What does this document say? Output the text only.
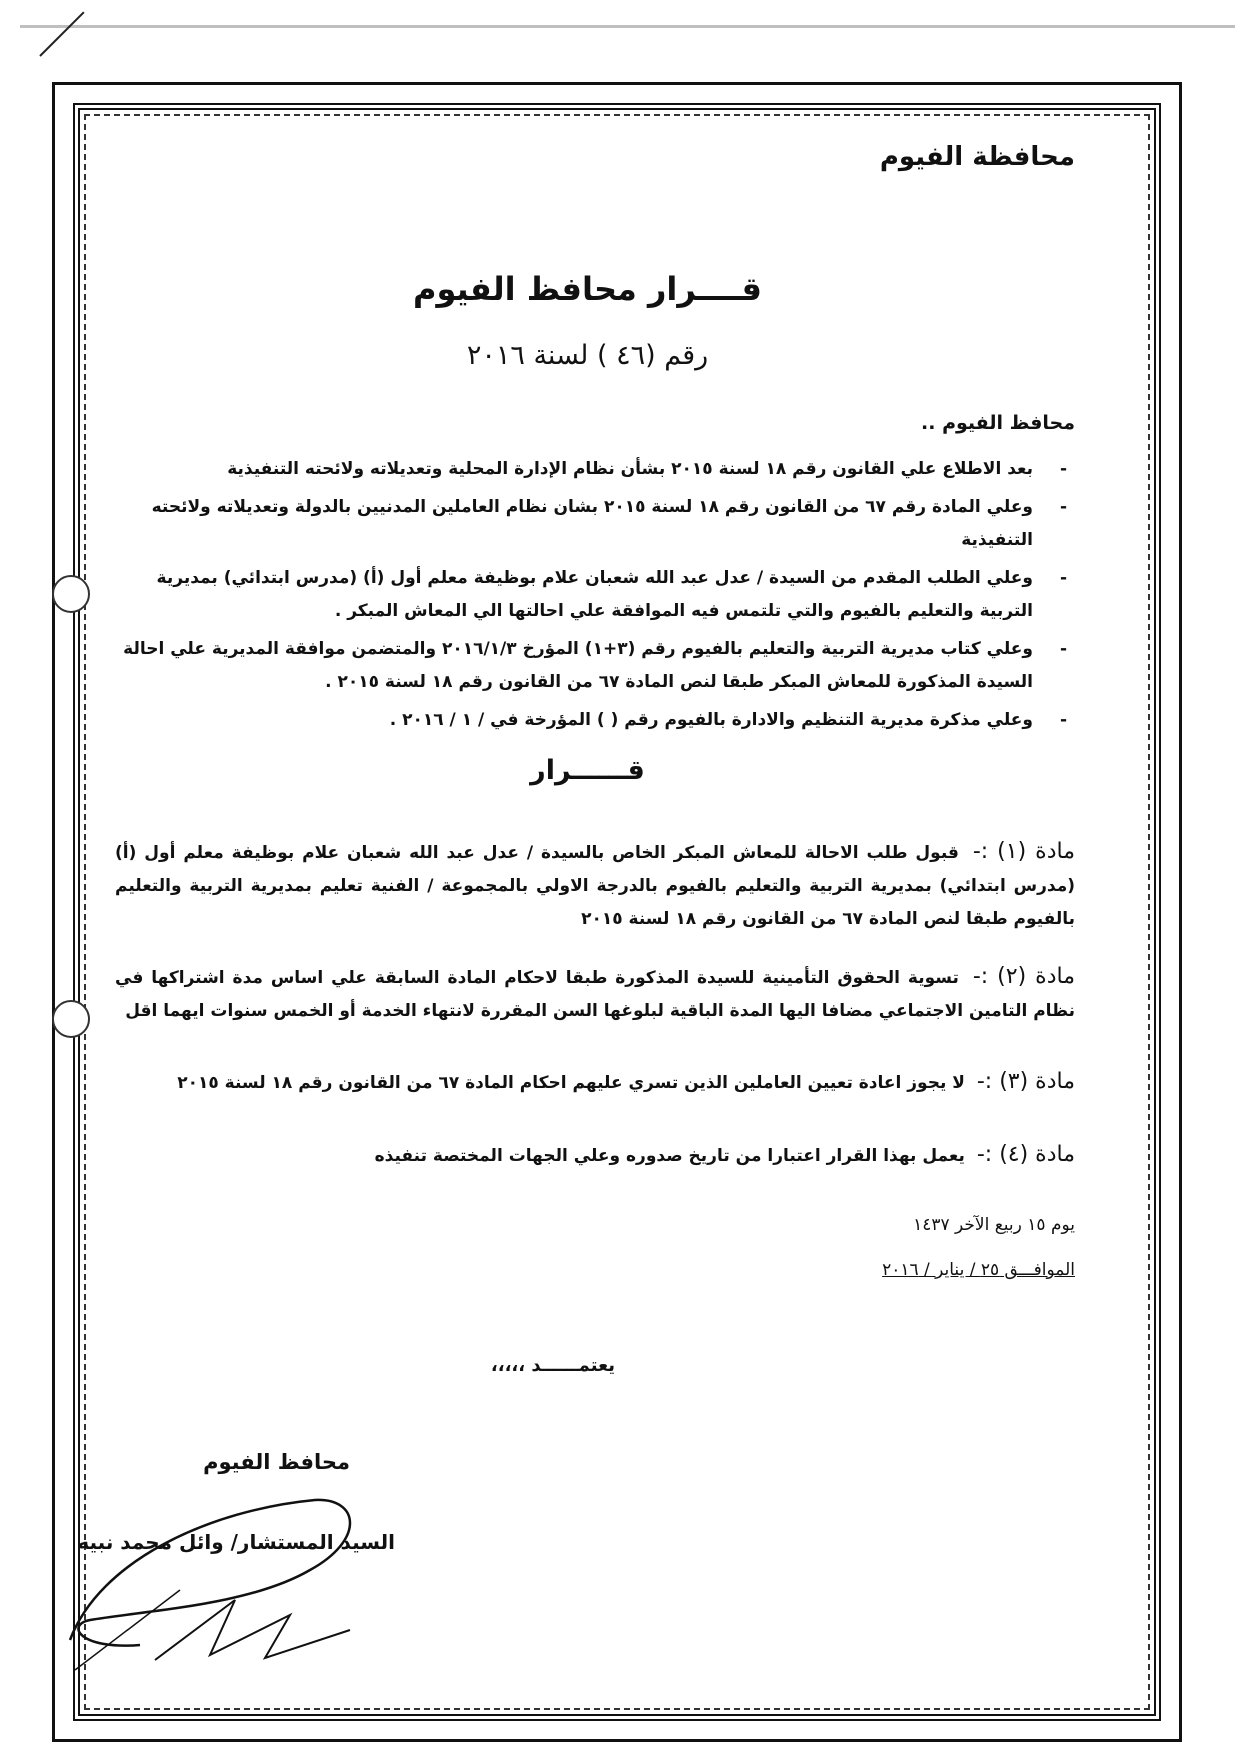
محافظة الفيوم
قــــرار محافظ الفيوم
رقم (٤٦ ) لسنة ٢٠١٦
محافظ الفيوم ..
- بعد الاطلاع علي القانون رقم ١٨ لسنة ٢٠١٥ بشأن نظام الإدارة المحلية وتعديلاته ولائحته التنفيذية
- وعلي المادة رقم ٦٧ من القانون رقم ١٨ لسنة ٢٠١٥ بشان نظام العاملين المدنيين بالدولة وتعديلاته ولائحته التنفيذية
- وعلي الطلب المقدم من السيدة / عدل عبد الله شعبان علام بوظيفة معلم أول (أ) (مدرس ابتدائي) بمديرية التربية والتعليم بالفيوم والتي تلتمس فيه الموافقة علي احالتها الي المعاش المبكر .
- وعلي كتاب مديرية التربية والتعليم بالفيوم رقم (٣+١) المؤرخ ٢٠١٦/١/٣ والمتضمن موافقة المديرية علي احالة السيدة المذكورة للمعاش المبكر طبقا لنص المادة ٦٧ من القانون رقم ١٨ لسنة ٢٠١٥ .
- وعلي مذكرة مديرية التنظيم والادارة بالفيوم رقم ( ) المؤرخة في / ١ / ٢٠١٦ .
قــــــرار
مادة (١) :- قبول طلب الاحالة للمعاش المبكر الخاص بالسيدة / عدل عبد الله شعبان علام بوظيفة معلم أول (أ) (مدرس ابتدائي) بمديرية التربية والتعليم بالفيوم بالدرجة الاولي بالمجموعة / الفنية تعليم بمديرية التربية والتعليم بالفيوم طبقا لنص المادة ٦٧ من القانون رقم ١٨ لسنة ٢٠١٥
مادة (٢) :- تسوية الحقوق التأمينية للسيدة المذكورة طبقا لاحكام المادة السابقة علي اساس مدة اشتراكها في نظام التامين الاجتماعي مضافا اليها المدة الباقية لبلوغها السن المقررة لانتهاء الخدمة أو الخمس سنوات ايهما اقل
مادة (٣) :- لا يجوز اعادة تعيين العاملين الذين تسري عليهم احكام المادة ٦٧ من القانون رقم ١٨ لسنة ٢٠١٥
مادة (٤) :- يعمل بهذا القرار اعتبارا من تاريخ صدوره وعلي الجهات المختصة تنفيذه
يوم ١٥ ربيع الآخر ١٤٣٧
الموافـــق ٢٥ / يناير / ٢٠١٦
يعتمــــــد ،،،،،
محافظ الفيوم
السيد المستشار/ وائل محمد نبيه
